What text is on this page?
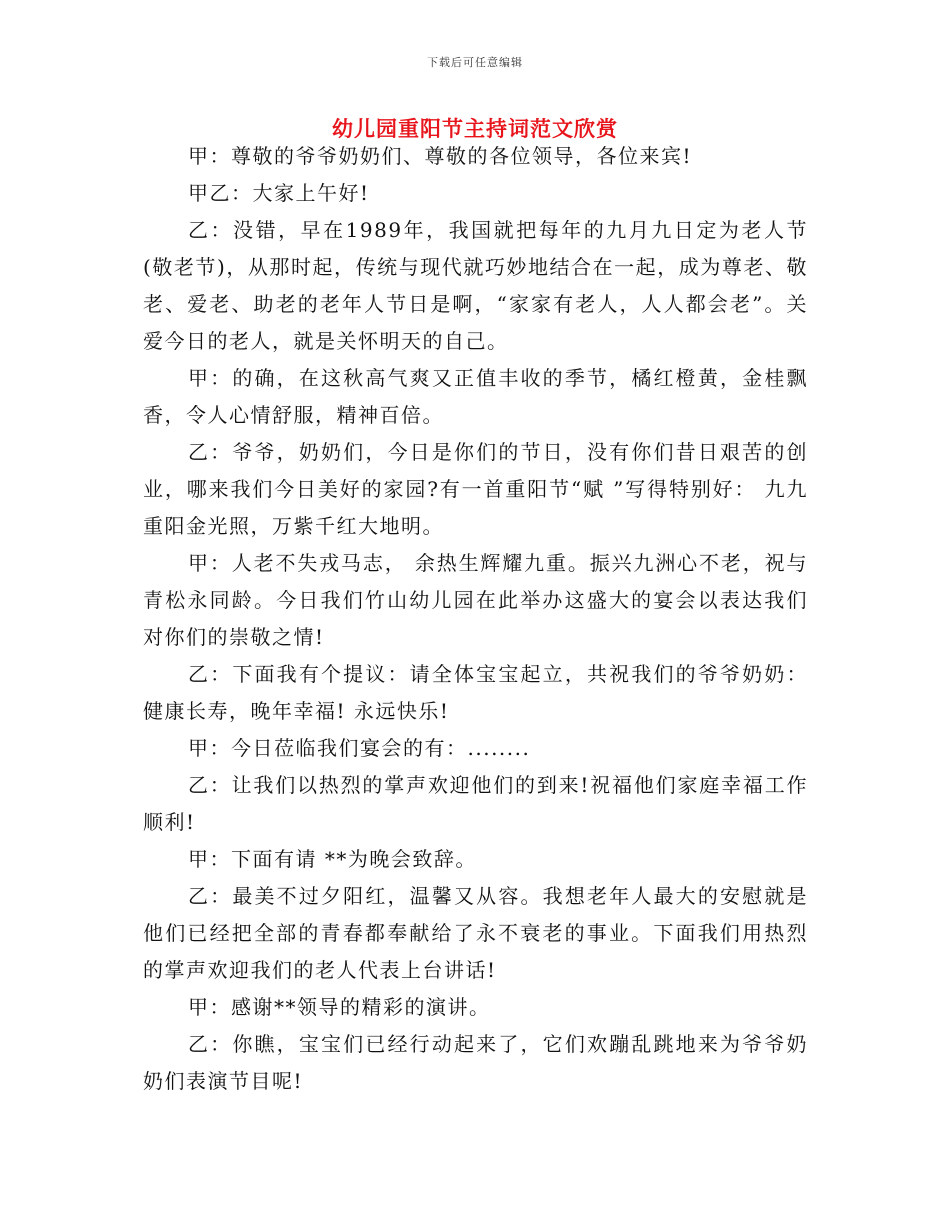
下载后可任意编辑
幼儿园重阳节主持词范文欣赏

甲：尊敬的爷爷奶奶们、尊敬的各位领导，各位来宾!

甲乙：大家上午好!

乙：没错，早在1989年，我国就把每年的九月九日定为老人节(敬老节)，从那时起，传统与现代就巧妙地结合在一起，成为尊老、敬老、爱老、助老的老年人节日是啊，“家家有老人，人人都会老”。关爱今日的老人，就是关怀明天的自己。

甲：的确，在这秋高气爽又正值丰收的季节，橘红橙黄，金桂飘香，令人心情舒服，精神百倍。

乙：爷爷，奶奶们，今日是你们的节日，没有你们昔日艰苦的创业，哪来我们今日美好的家园?有一首重阳节“赋 ”写得特别好： 九九重阳金光照，万紫千红大地明。

甲：人老不失戎马志， 余热生辉耀九重。振兴九洲心不老，祝与青松永同龄。今日我们竹山幼儿园在此举办这盛大的宴会以表达我们对你们的崇敬之情!

乙：下面我有个提议：请全体宝宝起立，共祝我们的爷爷奶奶：健康长寿，晚年幸福! 永远快乐!

甲：今日莅临我们宴会的有：........

乙：让我们以热烈的掌声欢迎他们的到来!祝福他们家庭幸福工作顺利!

甲：下面有请 **为晚会致辞。

乙：最美不过夕阳红，温馨又从容。我想老年人最大的安慰就是他们已经把全部的青春都奉献给了永不衰老的事业。下面我们用热烈的掌声欢迎我们的老人代表上台讲话!

甲：感谢**领导的精彩的演讲。

乙：你瞧，宝宝们已经行动起来了，它们欢蹦乱跳地来为爷爷奶奶们表演节目呢!
